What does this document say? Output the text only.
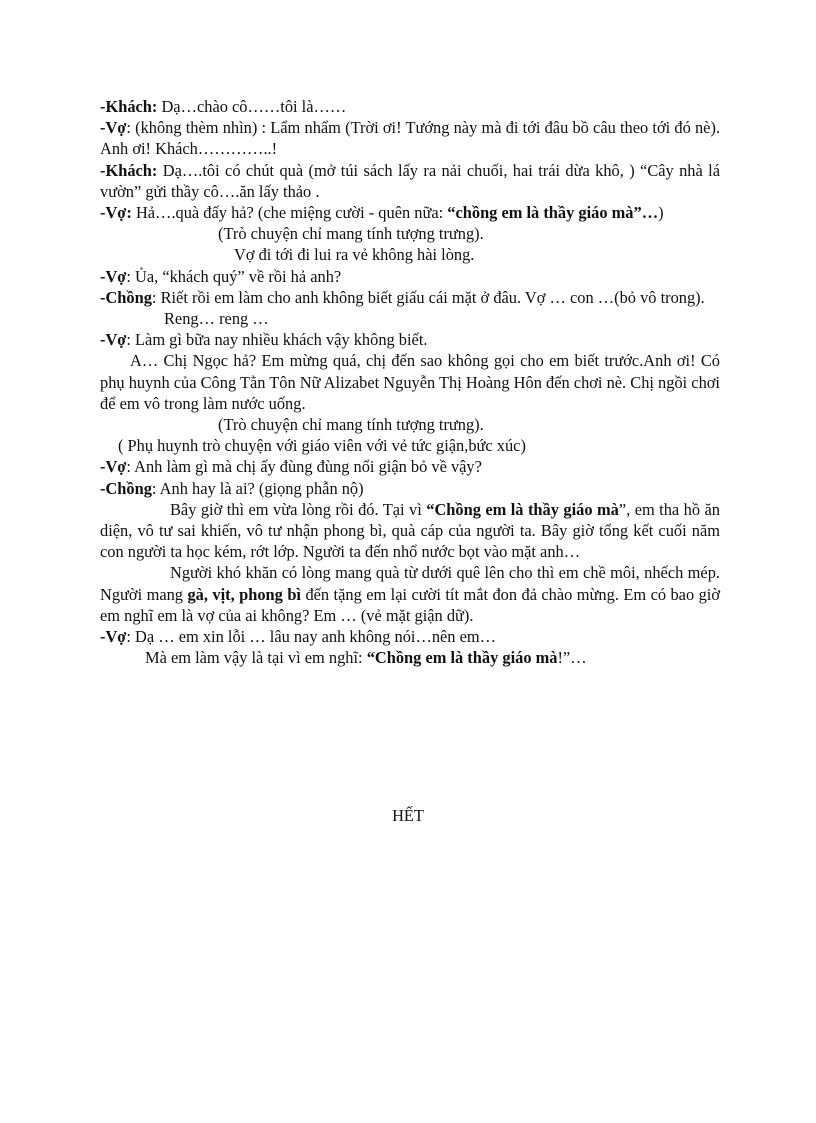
-Khách: Dạ…chào cô……tôi là……

-Vợ: (không thèm nhìn) : Lẩm nhẩm (Trời ơi! Tướng này mà đi tới đâu bồ câu theo tới đó nè). Anh ơi! Khách…………..!

-Khách: Dạ….tôi có chút quà (mở túi sách lấy ra nải chuối, hai trái dừa khô, ) “Cây nhà lá vườn” gửi thầy cô….ăn lấy thảo .

-Vợ: Hả….quà đấy hả? (che miệng cười - quên nữa: “chồng em là thầy giáo mà”…)

(Trò chuyện chỉ mang tính tượng trưng).

Vợ đi tới đi lui ra vẻ không hài lòng.

-Vợ: Ủa, “khách quý” về rồi hả anh?

-Chồng: Riết rồi em làm cho anh không biết giấu cái mặt ở đâu. Vợ … con …(bỏ vô trong).

Reng… reng …

-Vợ: Làm gì bữa nay nhiều khách vậy không biết.

A… Chị Ngọc hả? Em mừng quá, chị đến sao không gọi cho em biết trước.Anh ơi! Có phụ huynh của Công Tằn Tôn Nữ Alizabet Nguyễn Thị Hoàng Hôn đến chơi nè. Chị ngồi chơi để em vô trong làm nước uống.

(Trò chuyện chỉ mang tính tượng trưng).

( Phụ huynh trò chuyện với giáo viên với vẻ tức giận,bức xúc)

-Vợ: Anh làm gì mà chị ấy đùng đùng nổi giận bỏ về vậy?

-Chồng: Anh hay là ai? (giọng phẫn nộ)

Bây giờ thì em vừa lòng rồi đó. Tại vì “Chồng em là thầy giáo mà”, em tha hồ ăn diện, vô tư sai khiến, vô tư nhận phong bì, quà cáp của người ta. Bây giờ tổng kết cuối năm con người ta học kém, rớt lớp. Người ta đến nhổ nước bọt vào mặt anh…

Người khó khăn có lòng mang quà từ dưới quê lên cho thì em chề môi, nhếch mép. Người mang gà, vịt, phong bì đến tặng em lại cười tít mắt đon đả chào mừng. Em có bao giờ em nghĩ em là vợ của ai không? Em … (vẻ mặt giận dữ).

-Vợ: Dạ … em xin lỗi … lâu nay anh không nói…nên em…

Mà em làm vậy là tại vì em nghĩ: “Chồng em là thầy giáo mà!”…

HẾT
